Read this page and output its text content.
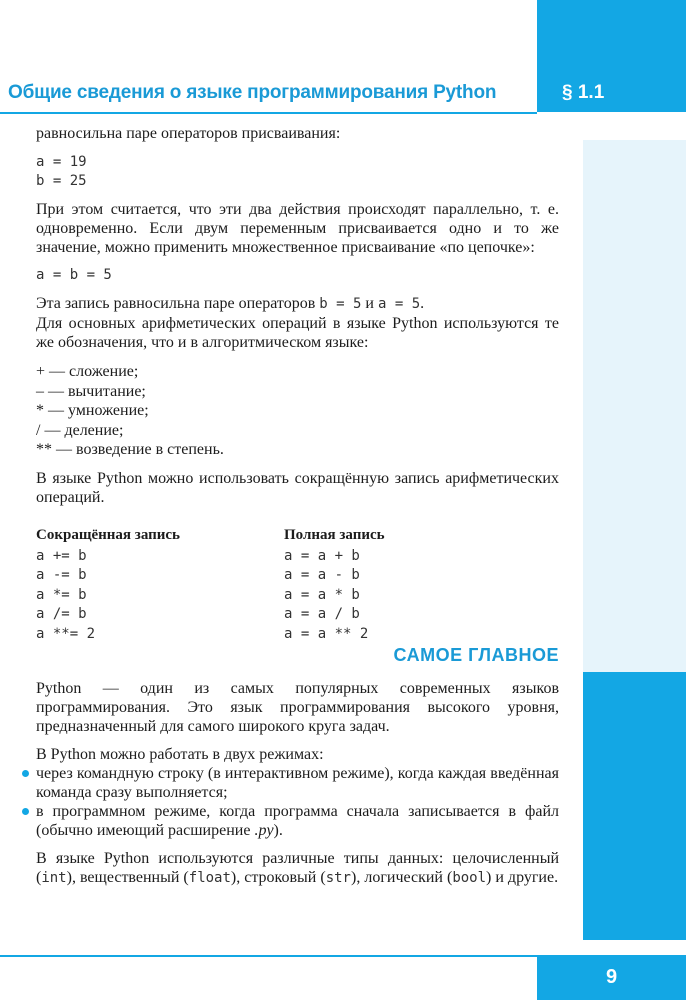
Общие сведения о языке программирования Python	§ 1.1

равносильна паре операторов присваивания:

a = 19
b = 25

При этом считается, что эти два действия происходят параллельно, т. е. одновременно. Если двум переменным присваивается одно и то же значение, можно применить множественное присваивание «по цепочке»:

a = b = 5

Эта запись равносильна паре операторов b = 5 и a = 5.

Для основных арифметических операций в языке Python используются те же обозначения, что и в алгоритмическом языке:

+ — сложение;
– — вычитание;
* — умножение;
/ — деление;
** — возведение в степень.

В языке Python можно использовать сокращённую запись арифметических операций.

Сокращённая запись
a += b
a -= b
a *= b
a /= b
a **= 2
Полная запись
a = a + b
a = a - b
a = a * b
a = a / b
a = a ** 2
САМОЕ ГЛАВНОЕ

Python — один из самых популярных современных языков программирования. Это язык программирования высокого уровня, предназначенный для самого широкого круга задач.

В Python можно работать в двух режимах:

через командную строку (в интерактивном режиме), когда каждая введённая команда сразу выполняется;
в программном режиме, когда программа сначала записывается в файл (обычно имеющий расширение .py).

В языке Python используются различные типы данных: целочисленный (int), вещественный (float), строковый (str), логический (bool) и другие.

9
